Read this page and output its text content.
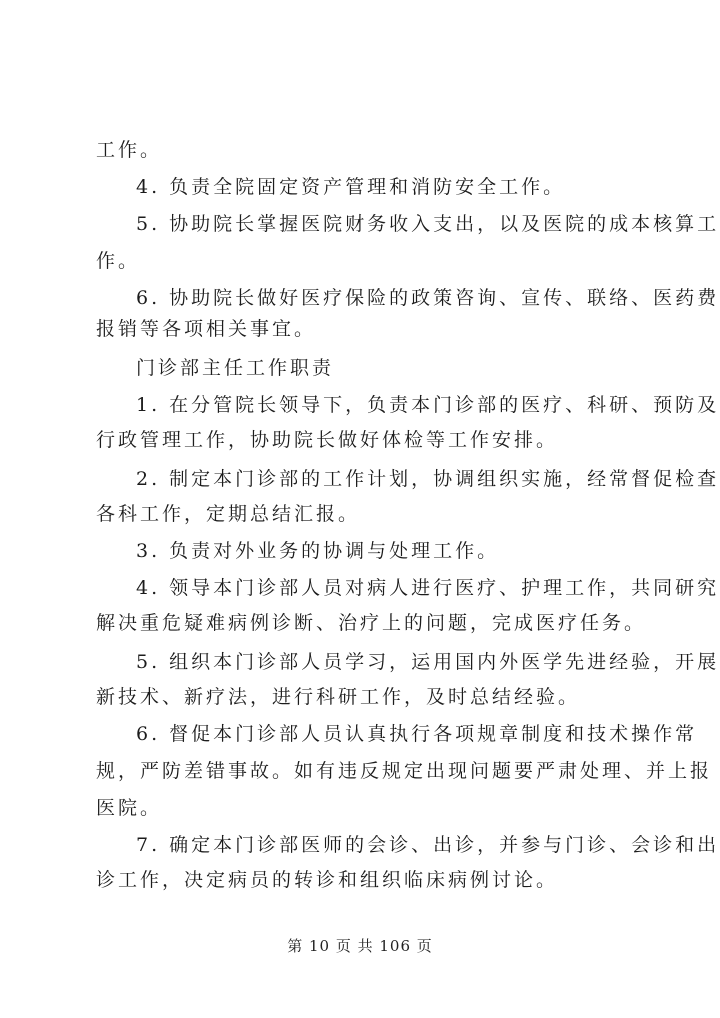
工作。

4. 负责全院固定资产管理和消防安全工作。

5. 协助院长掌握医院财务收入支出，以及医院的成本核算工

作。

6. 协助院长做好医疗保险的政策咨询、宣传、联络、医药费

报销等各项相关事宜。

门诊部主任工作职责

1. 在分管院长领导下，负责本门诊部的医疗、科研、预防及

行政管理工作，协助院长做好体检等工作安排。

2. 制定本门诊部的工作计划，协调组织实施，经常督促检查

各科工作，定期总结汇报。

3. 负责对外业务的协调与处理工作。

4. 领导本门诊部人员对病人进行医疗、护理工作，共同研究

解决重危疑难病例诊断、治疗上的问题，完成医疗任务。

5. 组织本门诊部人员学习，运用国内外医学先进经验，开展

新技术、新疗法，进行科研工作，及时总结经验。

6. 督促本门诊部人员认真执行各项规章制度和技术操作常

规，严防差错事故。如有违反规定出现问题要严肃处理、并上报

医院。

7. 确定本门诊部医师的会诊、出诊，并参与门诊、会诊和出

诊工作，决定病员的转诊和组织临床病例讨论。

第 10 页 共 106 页
